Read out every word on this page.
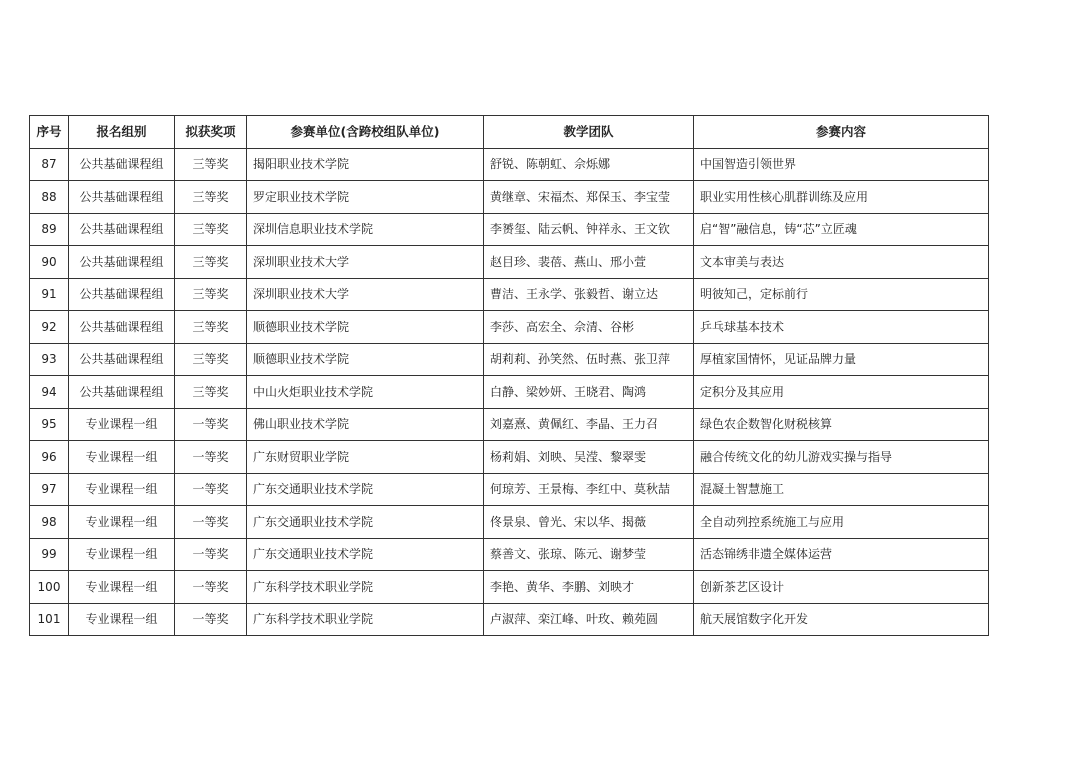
序号	报名组别	拟获奖项	参赛单位(含跨校组队单位)	教学团队	参赛内容
87	公共基础课程组	三等奖	揭阳职业技术学院	舒锐、陈朝虹、佘烁娜	中国智造引领世界
88	公共基础课程组	三等奖	罗定职业技术学院	黄继章、宋福杰、郑保玉、李宝莹	职业实用性核心肌群训练及应用
89	公共基础课程组	三等奖	深圳信息职业技术学院	李赟玺、陆云帆、钟祥永、王文钦	启“智”融信息，铸“芯”立匠魂
90	公共基础课程组	三等奖	深圳职业技术大学	赵目珍、裴蓓、燕山、邢小萱	文本审美与表达
91	公共基础课程组	三等奖	深圳职业技术大学	曹洁、王永学、张毅哲、谢立达	明彼知己，定标前行
92	公共基础课程组	三等奖	顺德职业技术学院	李莎、高宏全、佘清、谷彬	乒乓球基本技术
93	公共基础课程组	三等奖	顺德职业技术学院	胡莉莉、孙笑然、伍时燕、张卫萍	厚植家国情怀，见证品牌力量
94	公共基础课程组	三等奖	中山火炬职业技术学院	白静、梁妙妍、王晓君、陶鸿	定积分及其应用
95	专业课程一组	一等奖	佛山职业技术学院	刘嘉熹、黄佩红、李晶、王力召	绿色农企数智化财税核算
96	专业课程一组	一等奖	广东财贸职业学院	杨莉娟、刘映、吴滢、黎翠雯	融合传统文化的幼儿游戏实操与指导
97	专业课程一组	一等奖	广东交通职业技术学院	何琼芳、王景梅、李红中、莫秋喆	混凝土智慧施工
98	专业课程一组	一等奖	广东交通职业技术学院	佟景泉、曾光、宋以华、揭薇	全自动列控系统施工与应用
99	专业课程一组	一等奖	广东交通职业技术学院	蔡善文、张琼、陈元、谢梦莹	活态锦绣非遗全媒体运营
100	专业课程一组	一等奖	广东科学技术职业学院	李艳、黄华、李鹏、刘映才	创新茶艺区设计
101	专业课程一组	一等奖	广东科学技术职业学院	卢淑萍、栾江峰、叶玫、赖苑圆	航天展馆数字化开发
